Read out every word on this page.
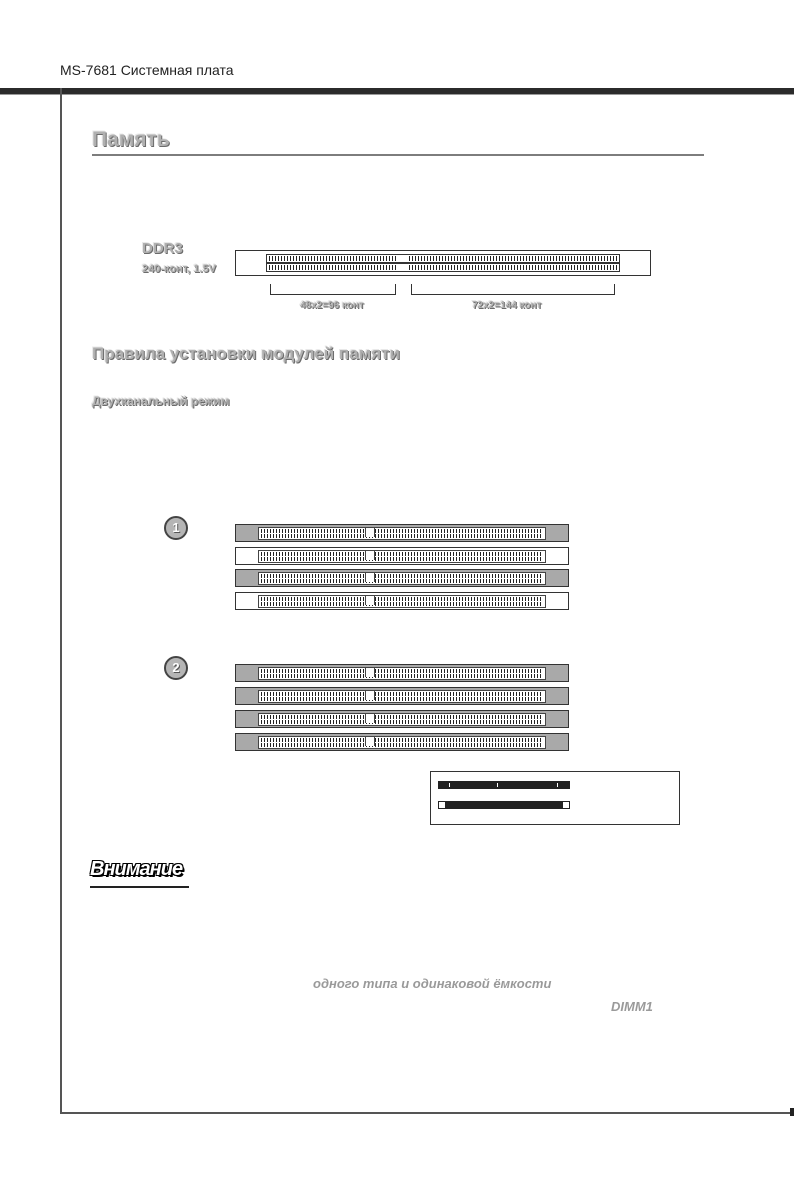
MS-7681 Системная плата
Память
DDR3
240-конт, 1.5V
48x2=96 конт	72x2=144 конт
Правила установки модулей памяти
Двухканальный режим
1
2
Установлен
Пусто
Внимание
одного типа и одинаковой ёмкости
DIMM1
